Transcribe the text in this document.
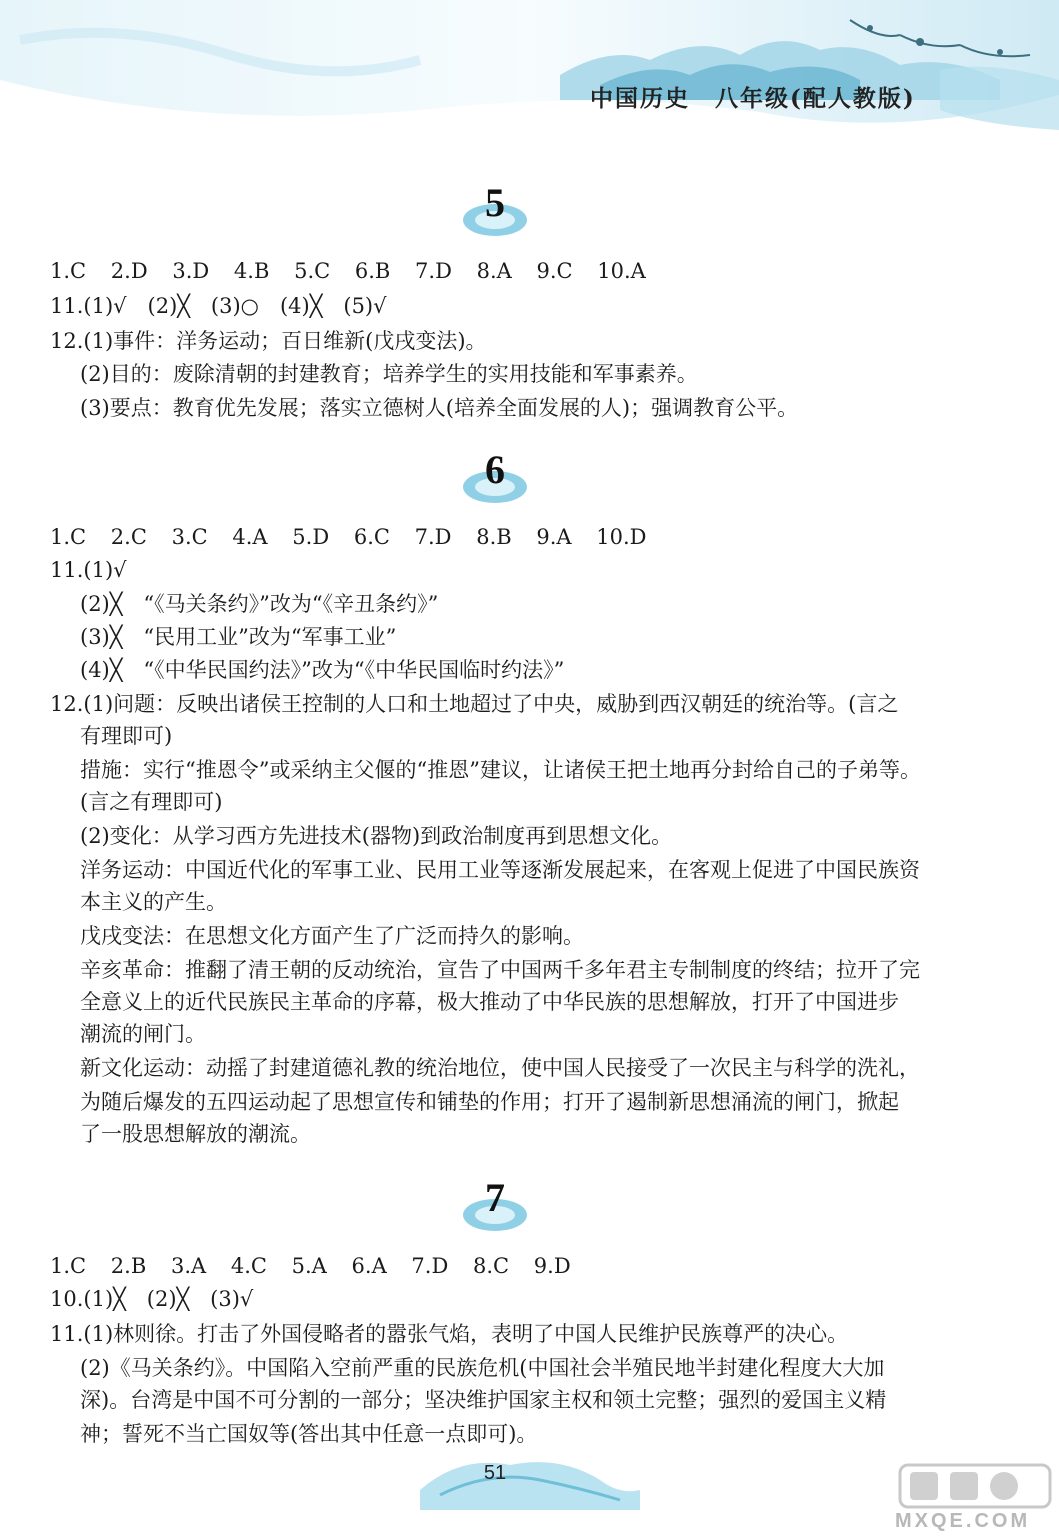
中国历史　八年级(配人教版)
5
1.C 2.D 3.D 4.B 5.C 6.B 7.D 8.A 9.C 10.A
11.(1)√　(2)╳　(3)○　(4)╳　(5)√
12.(1)事件：洋务运动；百日维新(戊戌变法)。
(2)目的：废除清朝的封建教育；培养学生的实用技能和军事素养。
(3)要点：教育优先发展；落实立德树人(培养全面发展的人)；强调教育公平。
6
1.C 2.C 3.C 4.A 5.D 6.C 7.D 8.B 9.A 10.D
11.(1)√
(2)╳　“《马关条约》”改为“《辛丑条约》”
(3)╳　“民用工业”改为“军事工业”
(4)╳　“《中华民国约法》”改为“《中华民国临时约法》”
12.(1)问题：反映出诸侯王控制的人口和土地超过了中央，威胁到西汉朝廷的统治等。(言之
有理即可)
措施：实行“推恩令”或采纳主父偃的“推恩”建议，让诸侯王把土地再分封给自己的子弟等。
(言之有理即可)
(2)变化：从学习西方先进技术(器物)到政治制度再到思想文化。
洋务运动：中国近代化的军事工业、民用工业等逐渐发展起来，在客观上促进了中国民族资
本主义的产生。
戊戌变法：在思想文化方面产生了广泛而持久的影响。
辛亥革命：推翻了清王朝的反动统治，宣告了中国两千多年君主专制制度的终结；拉开了完
全意义上的近代民族民主革命的序幕，极大推动了中华民族的思想解放，打开了中国进步
潮流的闸门。
新文化运动：动摇了封建道德礼教的统治地位，使中国人民接受了一次民主与科学的洗礼，
为随后爆发的五四运动起了思想宣传和铺垫的作用；打开了遏制新思想涌流的闸门，掀起
了一股思想解放的潮流。
7
1.C 2.B 3.A 4.C 5.A 6.A 7.D 8.C 9.D
10.(1)╳　(2)╳　(3)√
11.(1)林则徐。打击了外国侵略者的嚣张气焰，表明了中国人民维护民族尊严的决心。
(2)《马关条约》。中国陷入空前严重的民族危机(中国社会半殖民地半封建化程度大大加
深)。台湾是中国不可分割的一部分；坚决维护国家主权和领土完整；强烈的爱国主义精
神；誓死不当亡国奴等(答出其中任意一点即可)。
51
MXQE.COM
